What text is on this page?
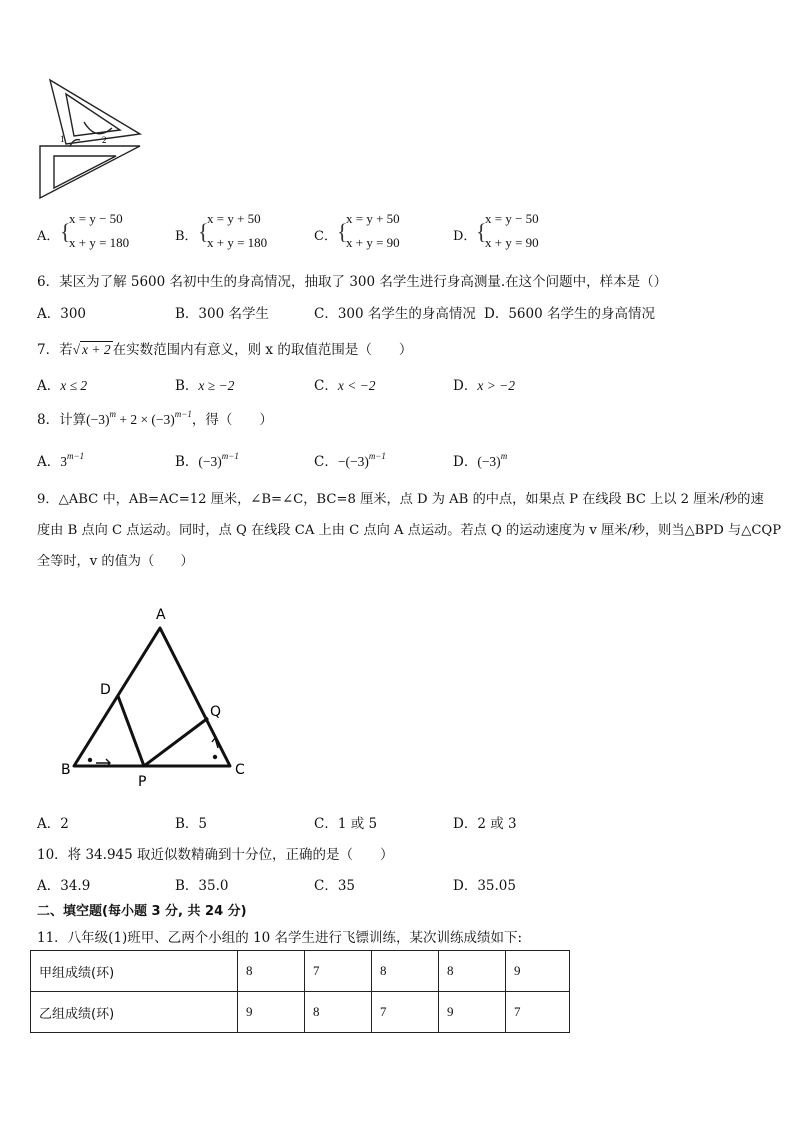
1	2
A． {
x = y − 50
x + y = 180	B． {
x = y + 50
x + y = 180	C． {
x = y + 50
x + y = 90	D． {
x = y − 50
x + y = 90
6．某区为了解 5600 名初中生的身高情况，抽取了 300 名学生进行身高测量.在这个问题中，样本是（）
A．300	B．300 名学生	C．300 名学生的身高情况 D．5600 名学生的身高情况
7．若√ x + 2 在实数范围内有意义，则 x 的取值范围是（　　）
A．x ≤ 2	B．x ≥ −2	C．x < −2	D．x > −2
8．计算$(-3)^m + 2 \times (-3)^{m-1}$，得（　　）
A．$3^{m-1}$	B．$(-3)^{m-1}$	C．$-(-3)^{m-1}$	D．$(-3)^m$
9．△ABC 中，AB=AC=12 厘米，∠B=∠C，BC=8 厘米，点 D 为 AB 的中点，如果点 P 在线段 BC 上以 2 厘米/秒的速
度由 B 点向 C 点运动。同时，点 Q 在线段 CA 上由 C 点向 A 点运动。若点 Q 的运动速度为 v 厘米/秒，则当△BPD 与△CQP
全等时，v 的值为（　　）
A
B	C
D
P
Q
A．2	B．5	C．1 或 5	D．2 或 3
10．将 34.945 取近似数精确到十分位，正确的是（　　）
A．34.9	B．35.0	C．35	D．35.05
二、填空题(每小题 3 分, 共 24 分)
11．八年级(1)班甲、乙两个小组的 10 名学生进行飞镖训练，某次训练成绩如下:
甲组成绩(环)	8	7	8	8	9
乙组成绩(环)	9	8	7	9	7
